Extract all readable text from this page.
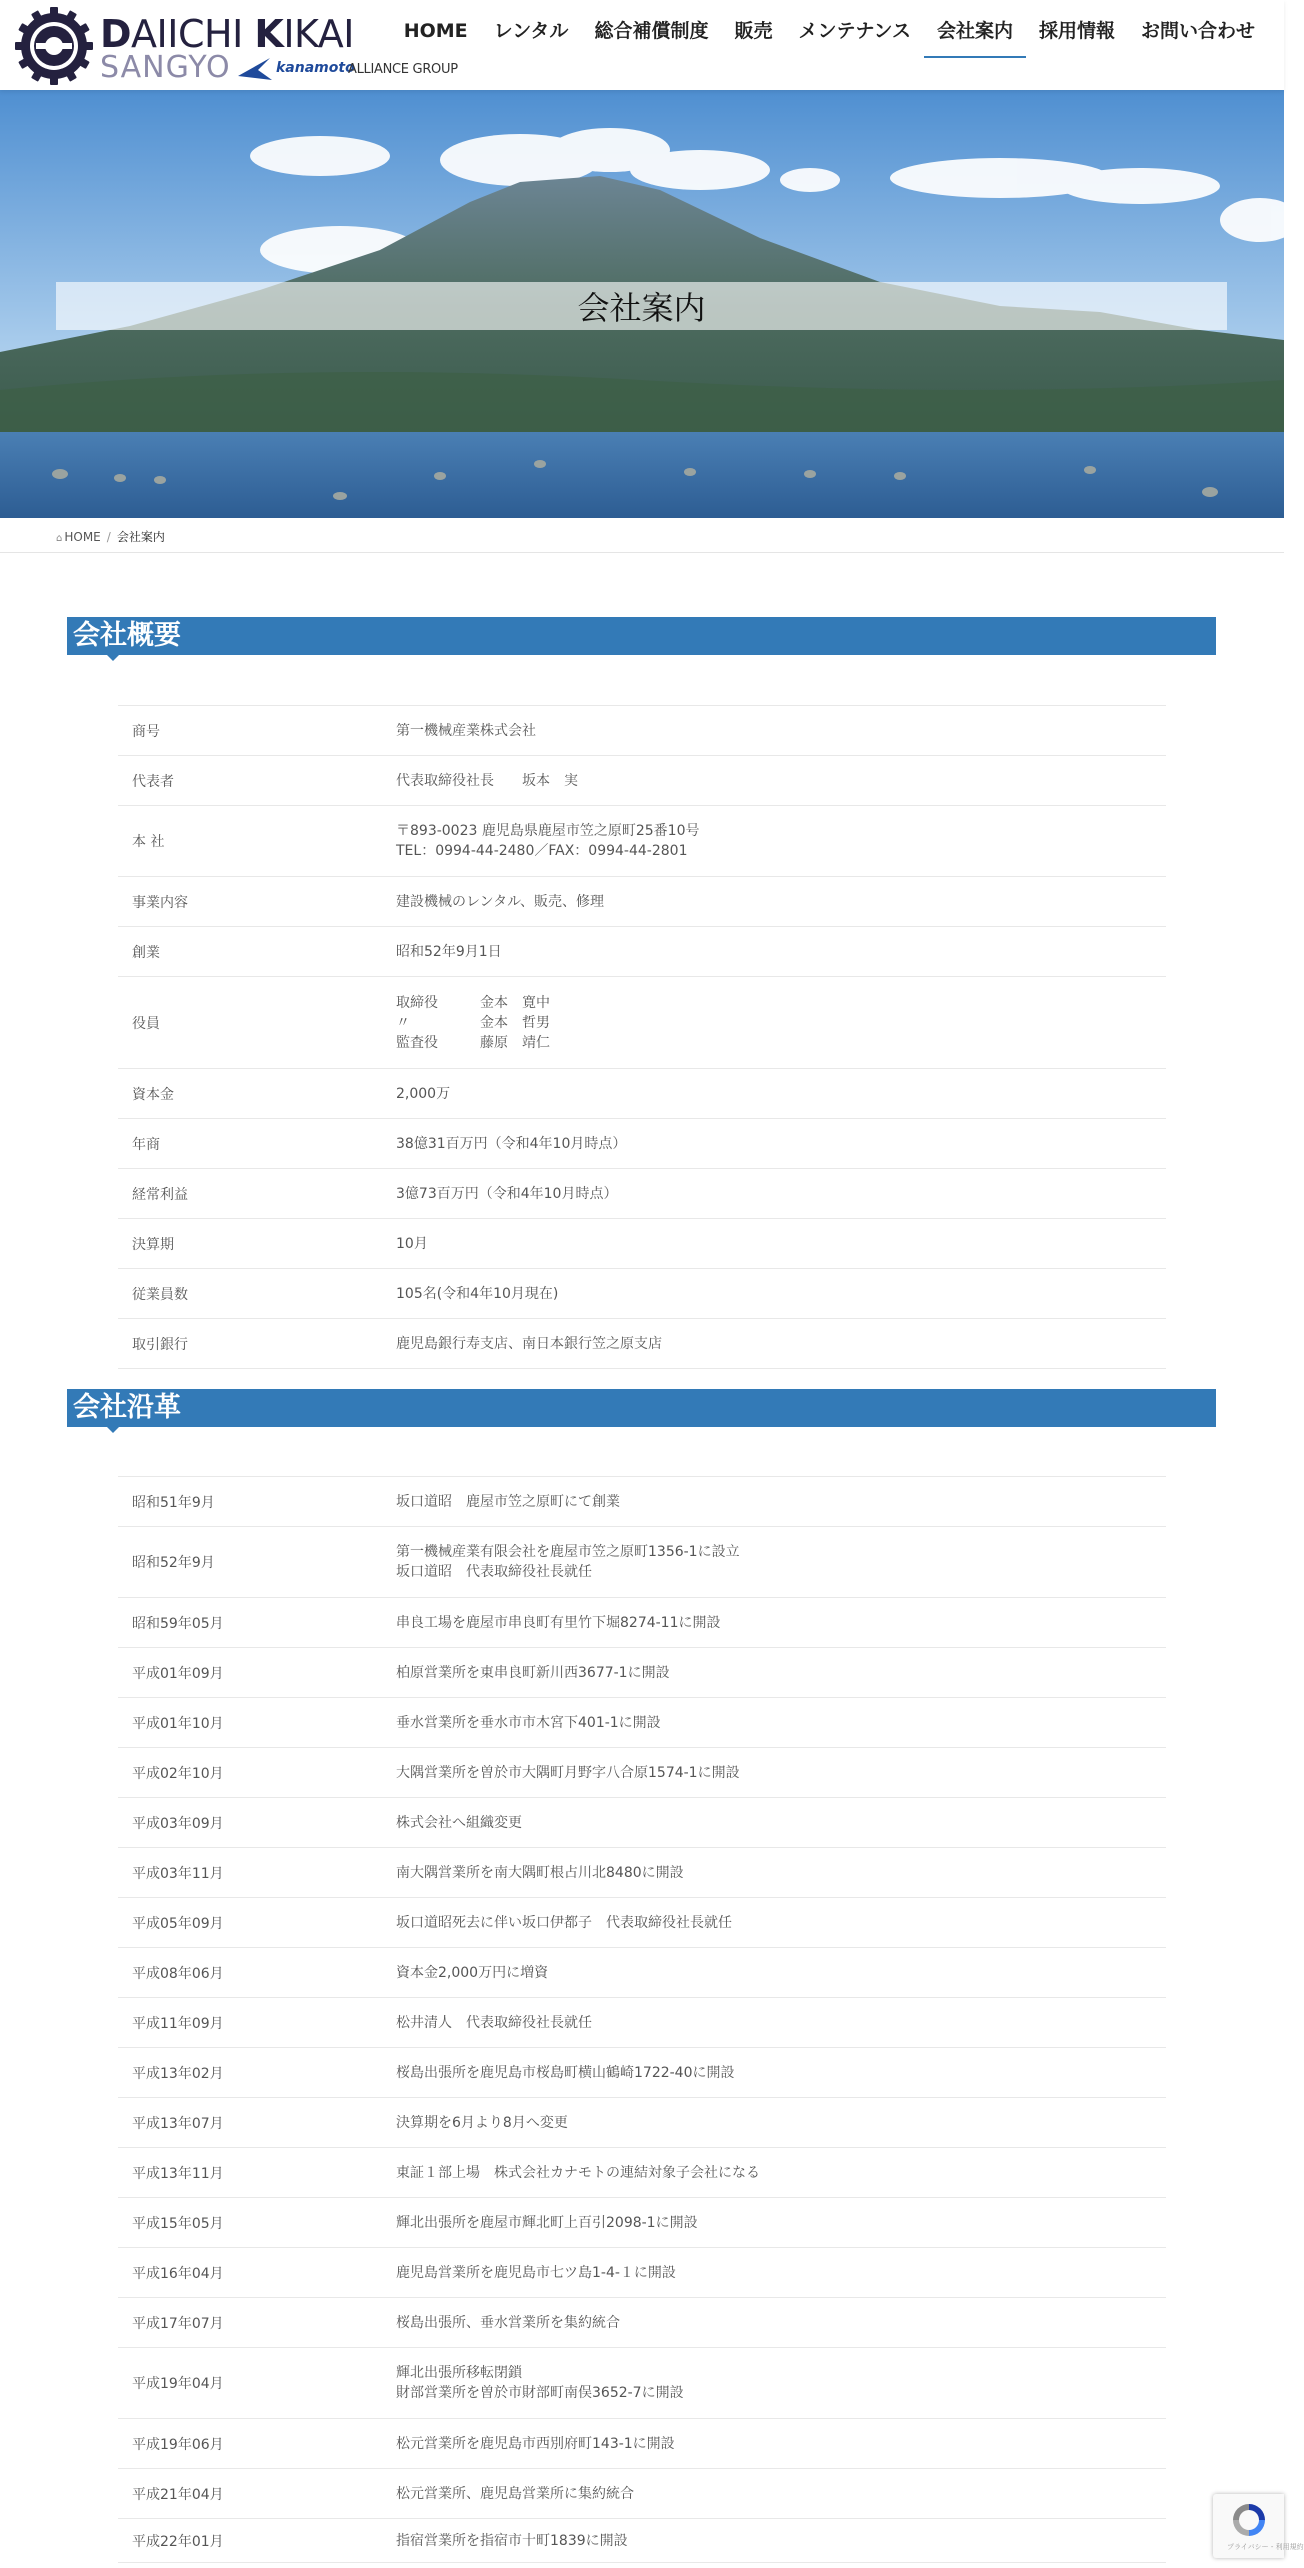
DAIICHI KIKAI
SANGYO	kanamoto
ALLIANCE GROUP
HOME	レンタル	総合補償制度	販売	メンテナンス	会社案内	採用情報	お問い合わせ
会社案内
⌂ HOME / 会社案内
会社概要
商号	第一機械産業株式会社
代表者	代表取締役社長　　坂本　実
本 社	〒893-0023 鹿児島県鹿屋市笠之原町25番10号
TEL：0994-44-2480／FAX：0994-44-2801
事業内容	建設機械のレンタル、販売、修理
創業	昭和52年9月1日
役員	取締役　　　金本　寛中
〃　　　　　金本　哲男
監査役　　　藤原　靖仁
資本金	2,000万
年商	38億31百万円（令和4年10月時点）
経常利益	3億73百万円（令和4年10月時点）
決算期	10月
従業員数	105名(令和4年10月現在)
取引銀行	鹿児島銀行寿支店、南日本銀行笠之原支店
会社沿革
昭和51年9月	坂口道昭　鹿屋市笠之原町にて創業
昭和52年9月	第一機械産業有限会社を鹿屋市笠之原町1356-1に設立
坂口道昭　代表取締役社長就任
昭和59年05月	串良工場を鹿屋市串良町有里竹下堀8274-11に開設
平成01年09月	柏原営業所を東串良町新川西3677-1に開設
平成01年10月	垂水営業所を垂水市市木宮下401-1に開設
平成02年10月	大隅営業所を曽於市大隅町月野字八合原1574-1に開設
平成03年09月	株式会社へ組織変更
平成03年11月	南大隅営業所を南大隅町根占川北8480に開設
平成05年09月	坂口道昭死去に伴い坂口伊都子　代表取締役社長就任
平成08年06月	資本金2,000万円に増資
平成11年09月	松井清人　代表取締役社長就任
平成13年02月	桜島出張所を鹿児島市桜島町横山鶴崎1722-40に開設
平成13年07月	決算期を6月より8月へ変更
平成13年11月	東証１部上場　株式会社カナモトの連結対象子会社になる
平成15年05月	輝北出張所を鹿屋市輝北町上百引2098-1に開設
平成16年04月	鹿児島営業所を鹿児島市七ツ島1-4-１に開設
平成17年07月	桜島出張所、垂水営業所を集約統合
平成19年04月	輝北出張所移転閉鎖
財部営業所を曽於市財部町南俣3652-7に開設
平成19年06月	松元営業所を鹿児島市西別府町143-1に開設
平成21年04月	松元営業所、鹿児島営業所に集約統合
平成22年01月	指宿営業所を指宿市十町1839に開設	プライバシー - 利用規約
